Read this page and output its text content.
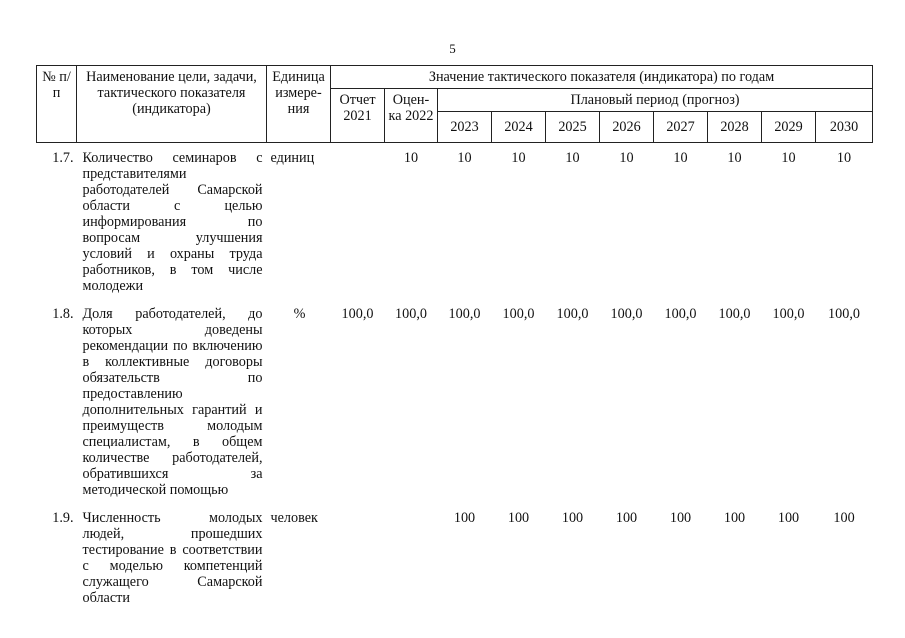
5
№ п/п	Наименование цели, задачи, тактического показателя (индикатора)	Единица измере-ния	Значение тактического показателя (индикатора) по годам									
			Отчет 2021	Оцен-ка 2022	Плановый период (прогноз)							
					2023	2024	2025	2026	2027	2028	2029	2030
1.7.	Количество семинаров с представителями работодателей Самарской области с целью информирования по вопросам улучшения условий и охраны труда работников, в том числе молодежи	единиц		10	10	10	10	10	10	10	10	10
1.8.	Доля работодателей, до которых доведены рекомендации по включению в коллективные договоры обязательств по предоставлению дополнительных гарантий и преимуществ молодым специалистам, в общем количестве работодателей, обратившихся за методической помощью	%	100,0	100,0	100,0	100,0	100,0	100,0	100,0	100,0	100,0	100,0
1.9.	Численность молодых людей, прошедших тестирование в соответствии с моделью компетенций служащего Самарской области	человек			100	100	100	100	100	100	100	100
